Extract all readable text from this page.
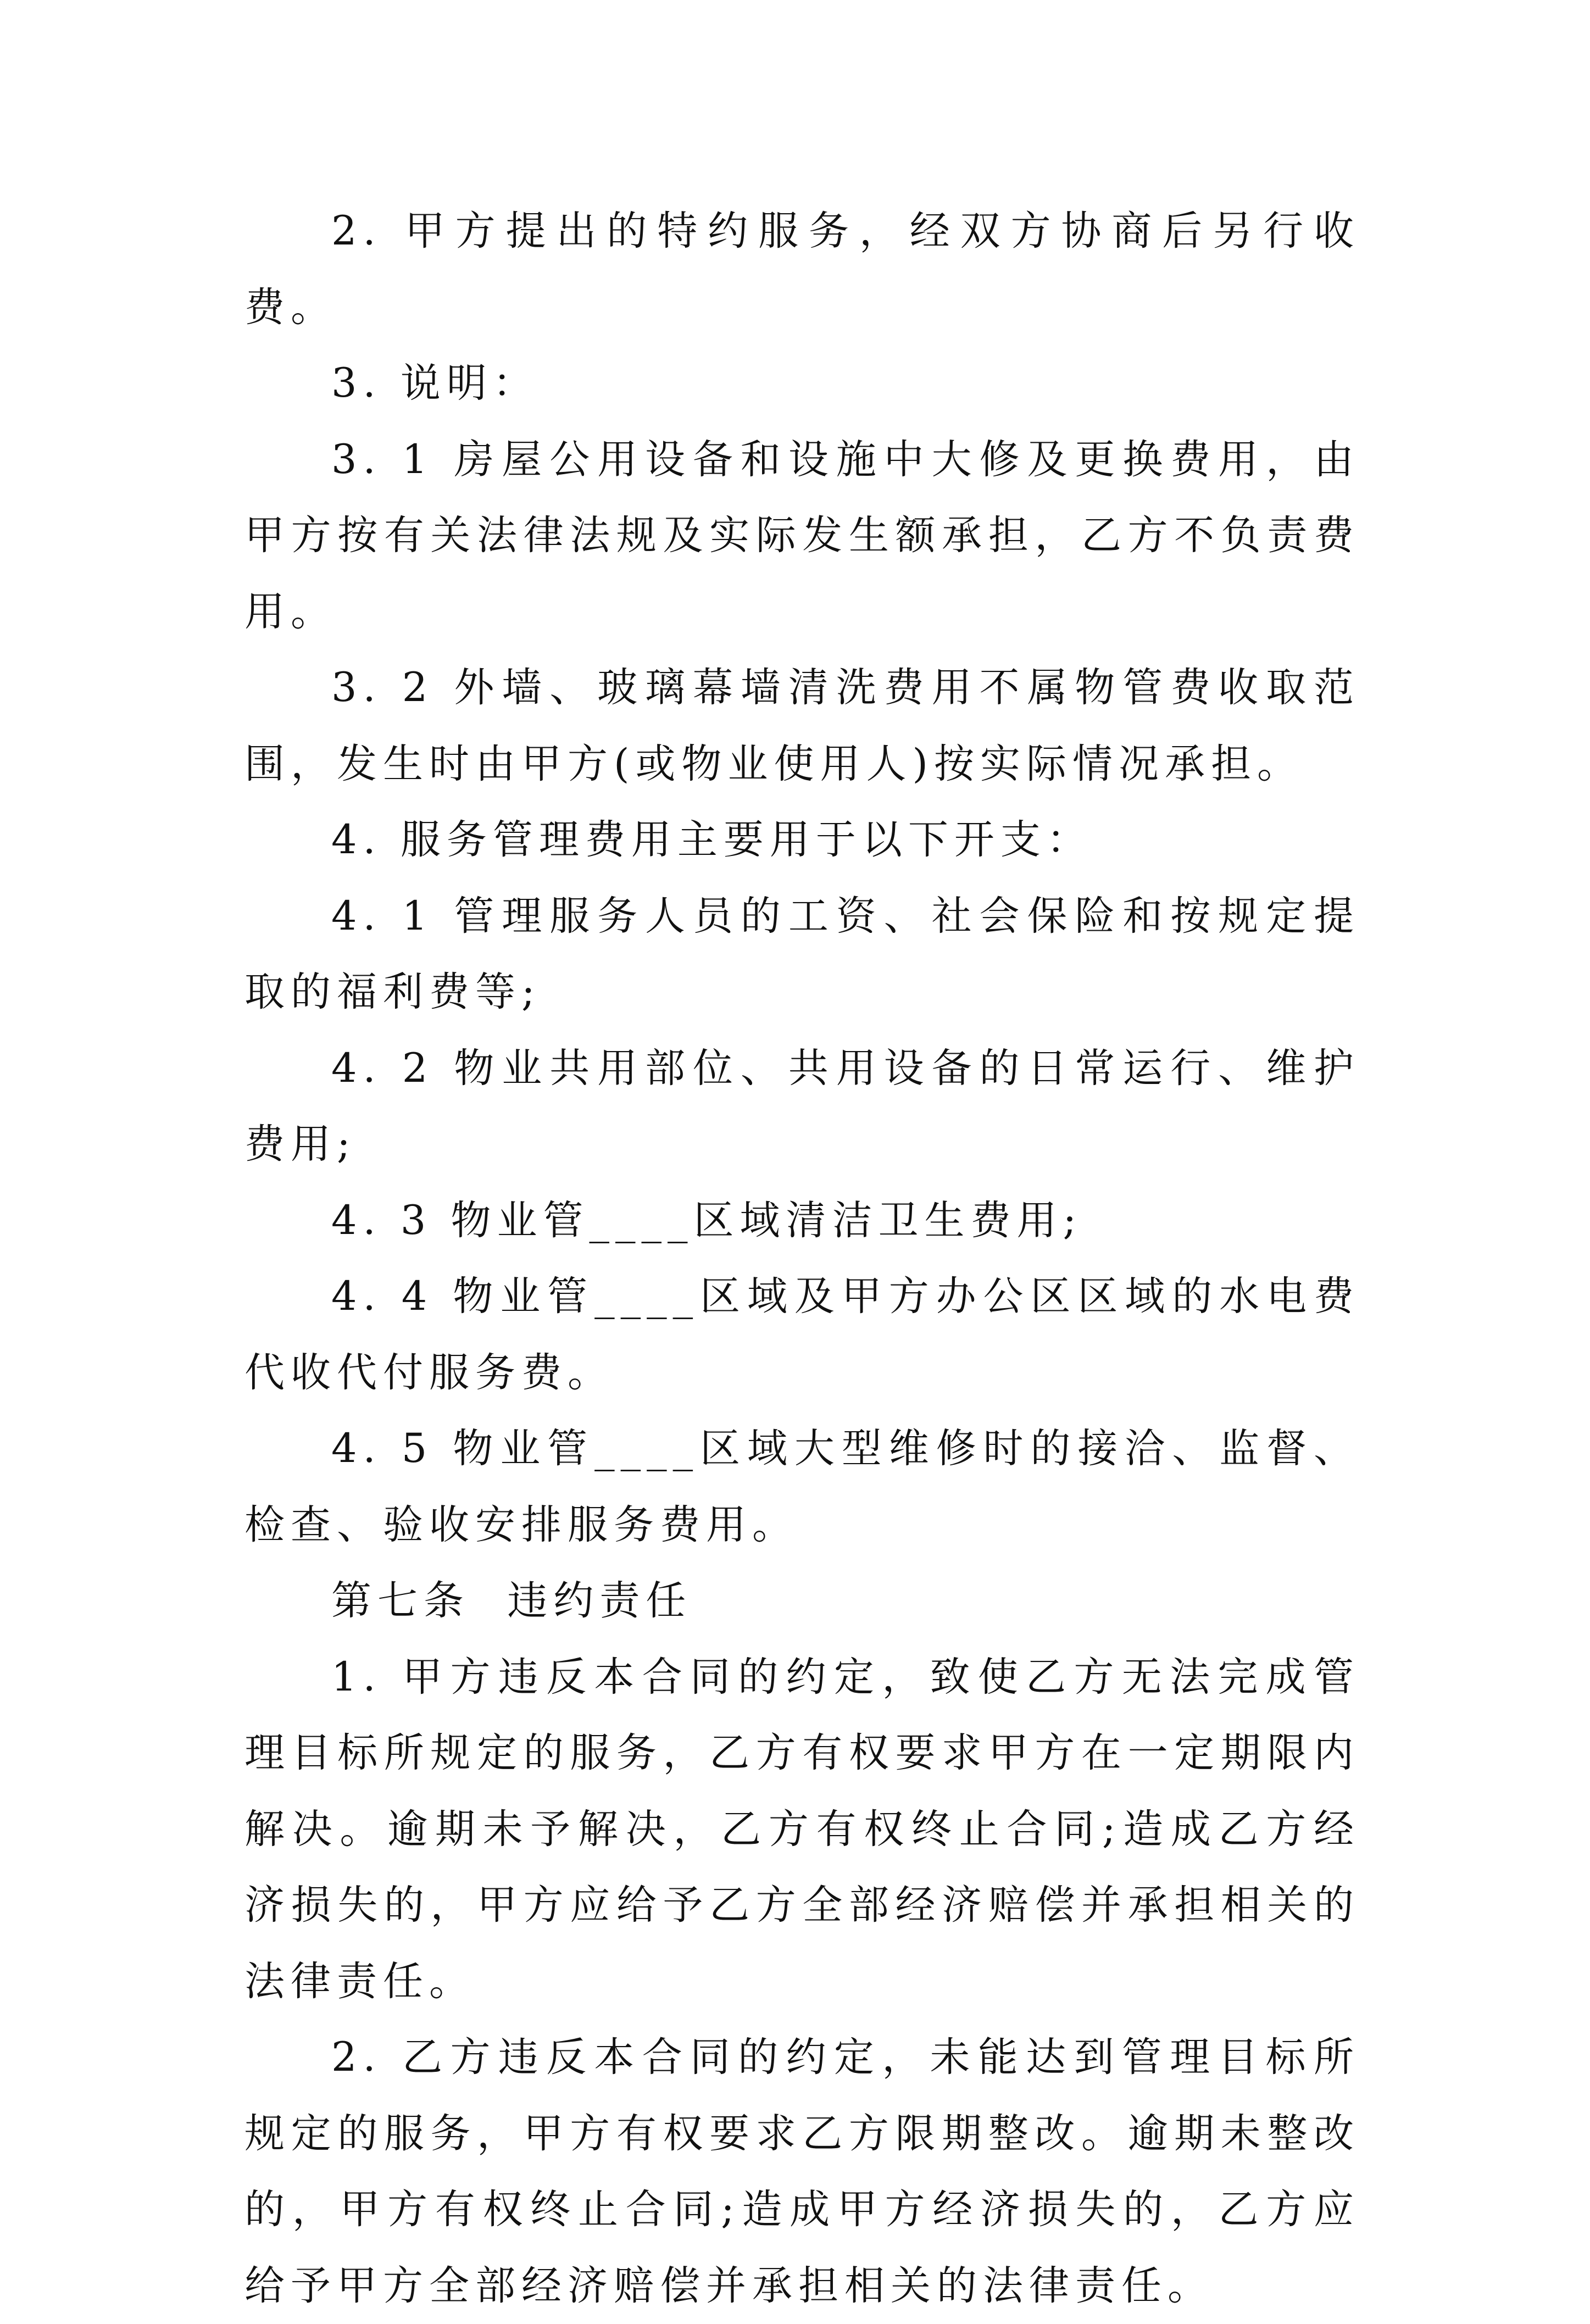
2. 甲方提出的特约服务，经双方协商后另行收费。

3. 说明：

3. 1 房屋公用设备和设施中大修及更换费用，由甲方按有关法律法规及实际发生额承担，乙方不负责费用。

3. 2 外墙、玻璃幕墙清洗费用不属物管费收取范围，发生时由甲方(或物业使用人)按实际情况承担。

4. 服务管理费用主要用于以下开支：

4. 1 管理服务人员的工资、社会保险和按规定提取的福利费等;

4. 2 物业共用部位、共用设备的日常运行、维护费用;

4. 3 物业管____区域清洁卫生费用;

4. 4 物业管____区域及甲方办公区区域的水电费代收代付服务费。

4. 5 物业管____区域大型维修时的接洽、监督、检查、验收安排服务费用。

第七条  违约责任

1. 甲方违反本合同的约定，致使乙方无法完成管理目标所规定的服务，乙方有权要求甲方在一定期限内解决。逾期未予解决，乙方有权终止合同;造成乙方经济损失的，甲方应给予乙方全部经济赔偿并承担相关的法律责任。

2. 乙方违反本合同的约定，未能达到管理目标所规定的服务，甲方有权要求乙方限期整改。逾期未整改的，甲方有权终止合同;造成甲方经济损失的，乙方应给予甲方全部经济赔偿并承担相关的法律责任。
